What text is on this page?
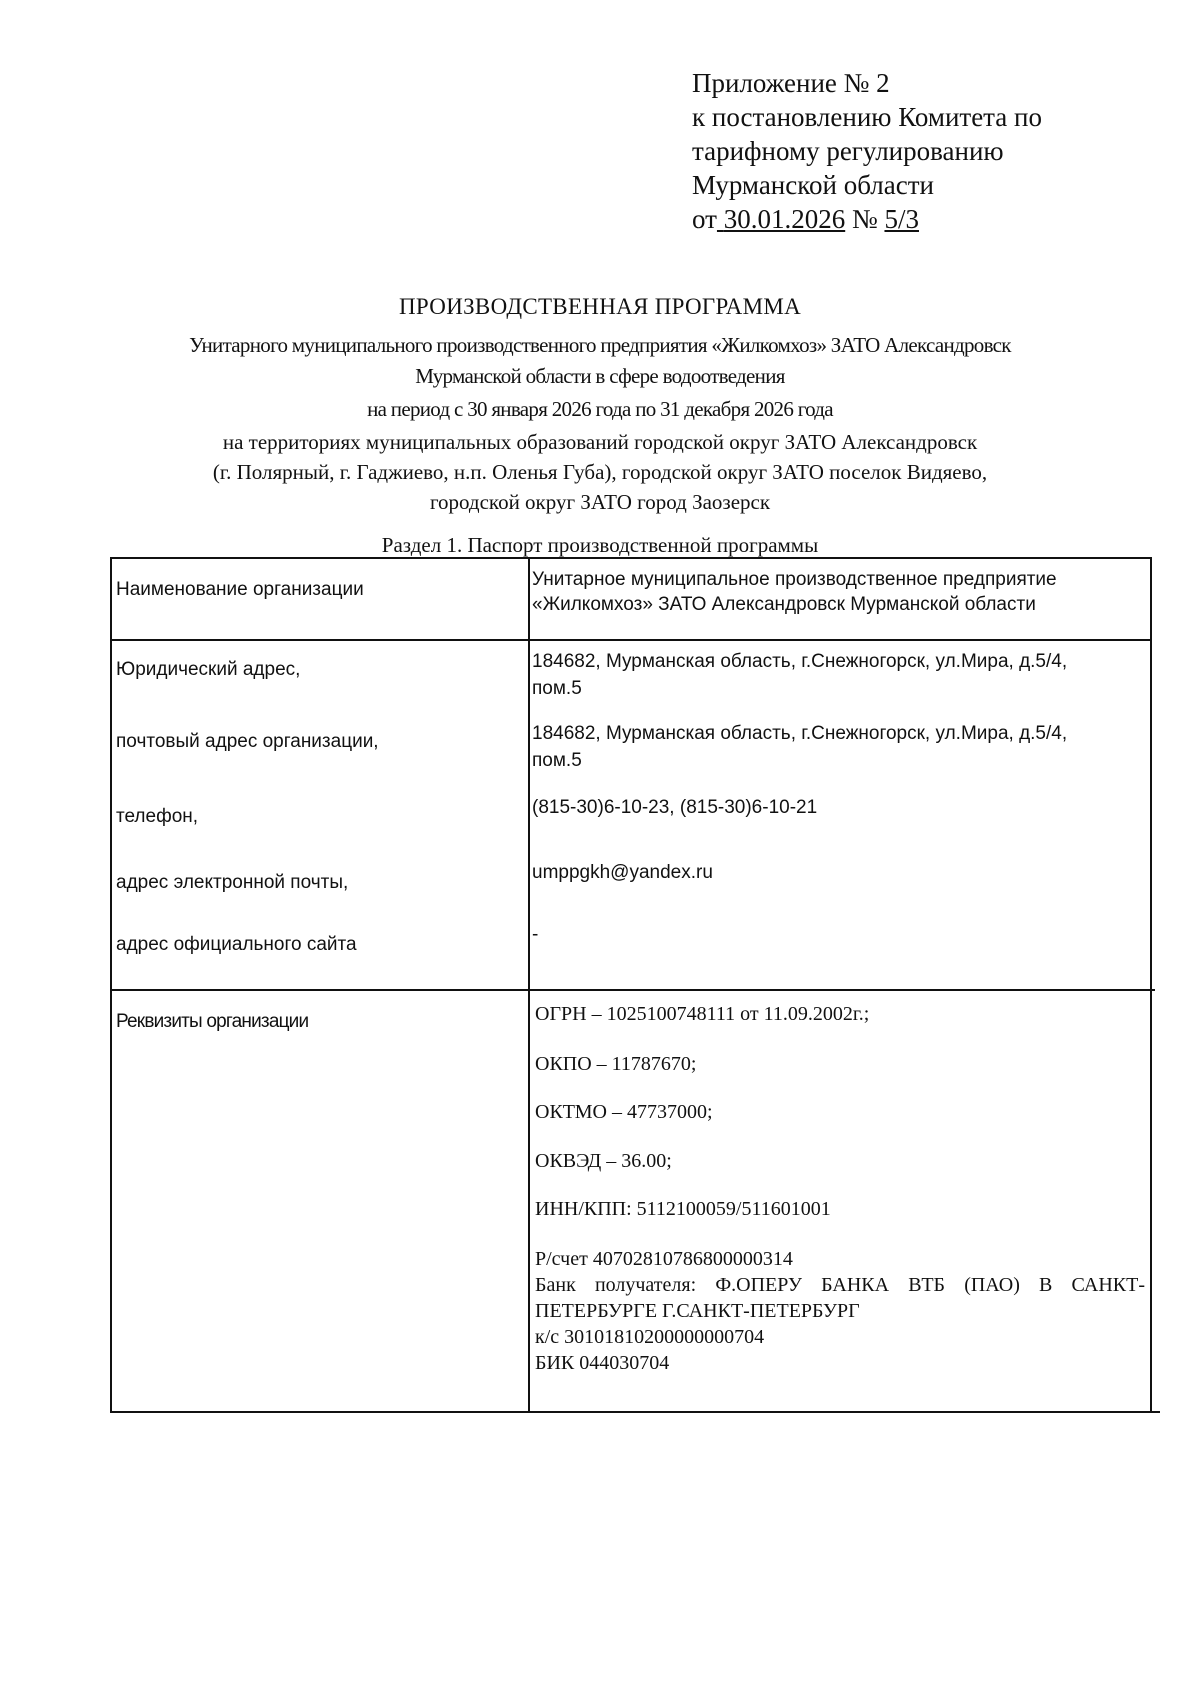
Приложение № 2
к постановлению Комитета по
тарифному регулированию
Мурманской области
от 30.01.2026 № 5/3
ПРОИЗВОДСТВЕННАЯ ПРОГРАММА
Унитарного муниципального производственного предприятия «Жилкомхоз» ЗАТО Александровск
Мурманской области в сфере водоотведения
на период с 30 января 2026 года по 31 декабря 2026 года
на территориях муниципальных образований городской округ ЗАТО Александровск
(г. Полярный, г. Гаджиево, н.п. Оленья Губа), городской округ ЗАТО поселок Видяево,
городской округ ЗАТО город Заозерск
Раздел 1. Паспорт производственной программы
Наименование организации	Унитарное муниципальное производственное предприятие
«Жилкомхоз» ЗАТО Александровск Мурманской области
Юридический адрес,	184682, Мурманская область, г.Снежногорск, ул.Мира, д.5/4,
пом.5
почтовый адрес организации,	184682, Мурманская область, г.Снежногорск, ул.Мира, д.5/4,
пом.5
телефон,	(815-30)6-10-23, (815-30)6-10-21
адрес электронной почты,	umppgkh@yandex.ru
адрес официального сайта	-
Реквизиты организации	ОГРН – 1025100748111 от 11.09.2002г.;
ОКПО – 11787670;
ОКТМО – 47737000;
ОКВЭД – 36.00;
ИНН/КПП: 5112100059/511601001
Р/счет 40702810786800000314
Банк получателя: Ф.ОПЕРУ БАНКА ВТБ (ПАО) В САНКТ-
ПЕТЕРБУРГЕ Г.САНКТ-ПЕТЕРБУРГ
к/с 30101810200000000704
БИК 044030704
